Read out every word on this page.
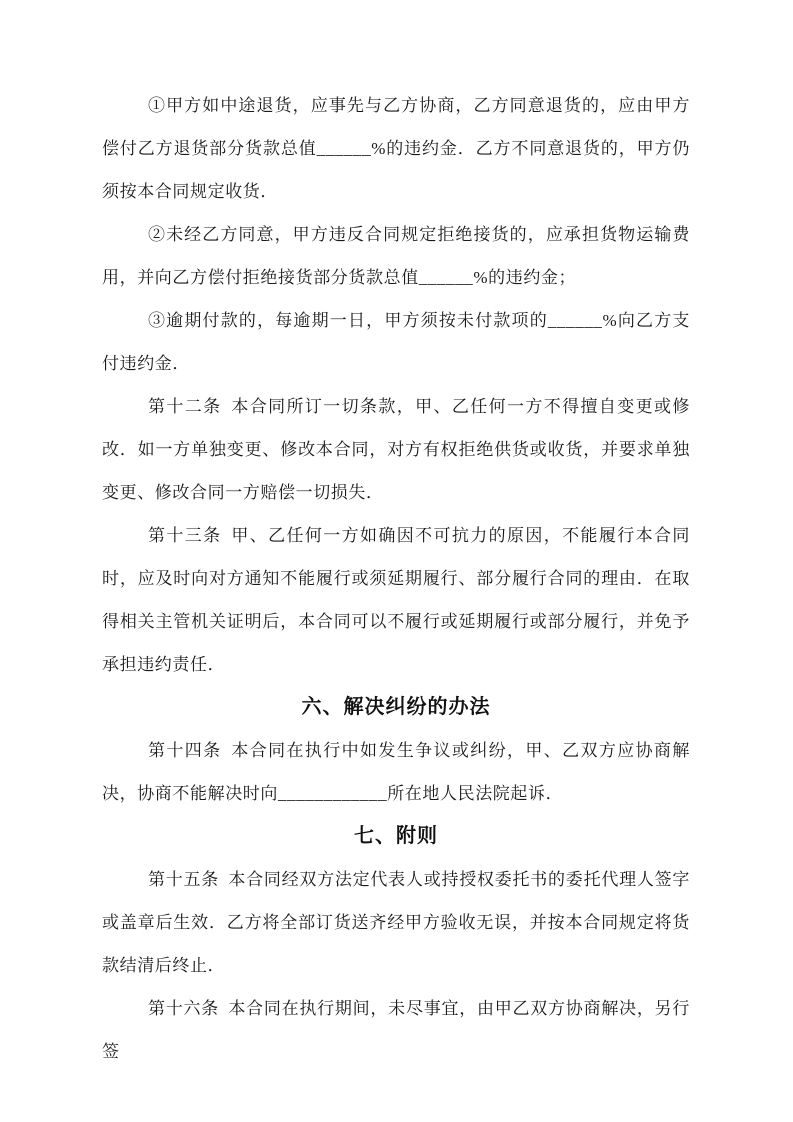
①甲方如中途退货，应事先与乙方协商，乙方同意退货的，应由甲方偿付乙方退货部分货款总值______%的违约金．乙方不同意退货的，甲方仍须按本合同规定收货．

②未经乙方同意，甲方违反合同规定拒绝接货的，应承担货物运输费用，并向乙方偿付拒绝接货部分货款总值______%的违约金；

③逾期付款的，每逾期一日，甲方须按未付款项的______%向乙方支付违约金．

第十二条 本合同所订一切条款，甲、乙任何一方不得擅自变更或修改．如一方单独变更、修改本合同，对方有权拒绝供货或收货，并要求单独变更、修改合同一方赔偿一切损失．

第十三条 甲、乙任何一方如确因不可抗力的原因，不能履行本合同时，应及时向对方通知不能履行或须延期履行、部分履行合同的理由．在取得相关主管机关证明后，本合同可以不履行或延期履行或部分履行，并免予承担违约责任．

六、解决纠纷的办法

第十四条 本合同在执行中如发生争议或纠纷，甲、乙双方应协商解决，协商不能解决时向____________所在地人民法院起诉．

七、附则

第十五条 本合同经双方法定代表人或持授权委托书的委托代理人签字或盖章后生效．乙方将全部订货送齐经甲方验收无误，并按本合同规定将货款结清后终止．

第十六条 本合同在执行期间，未尽事宜，由甲乙双方协商解决，另行签
